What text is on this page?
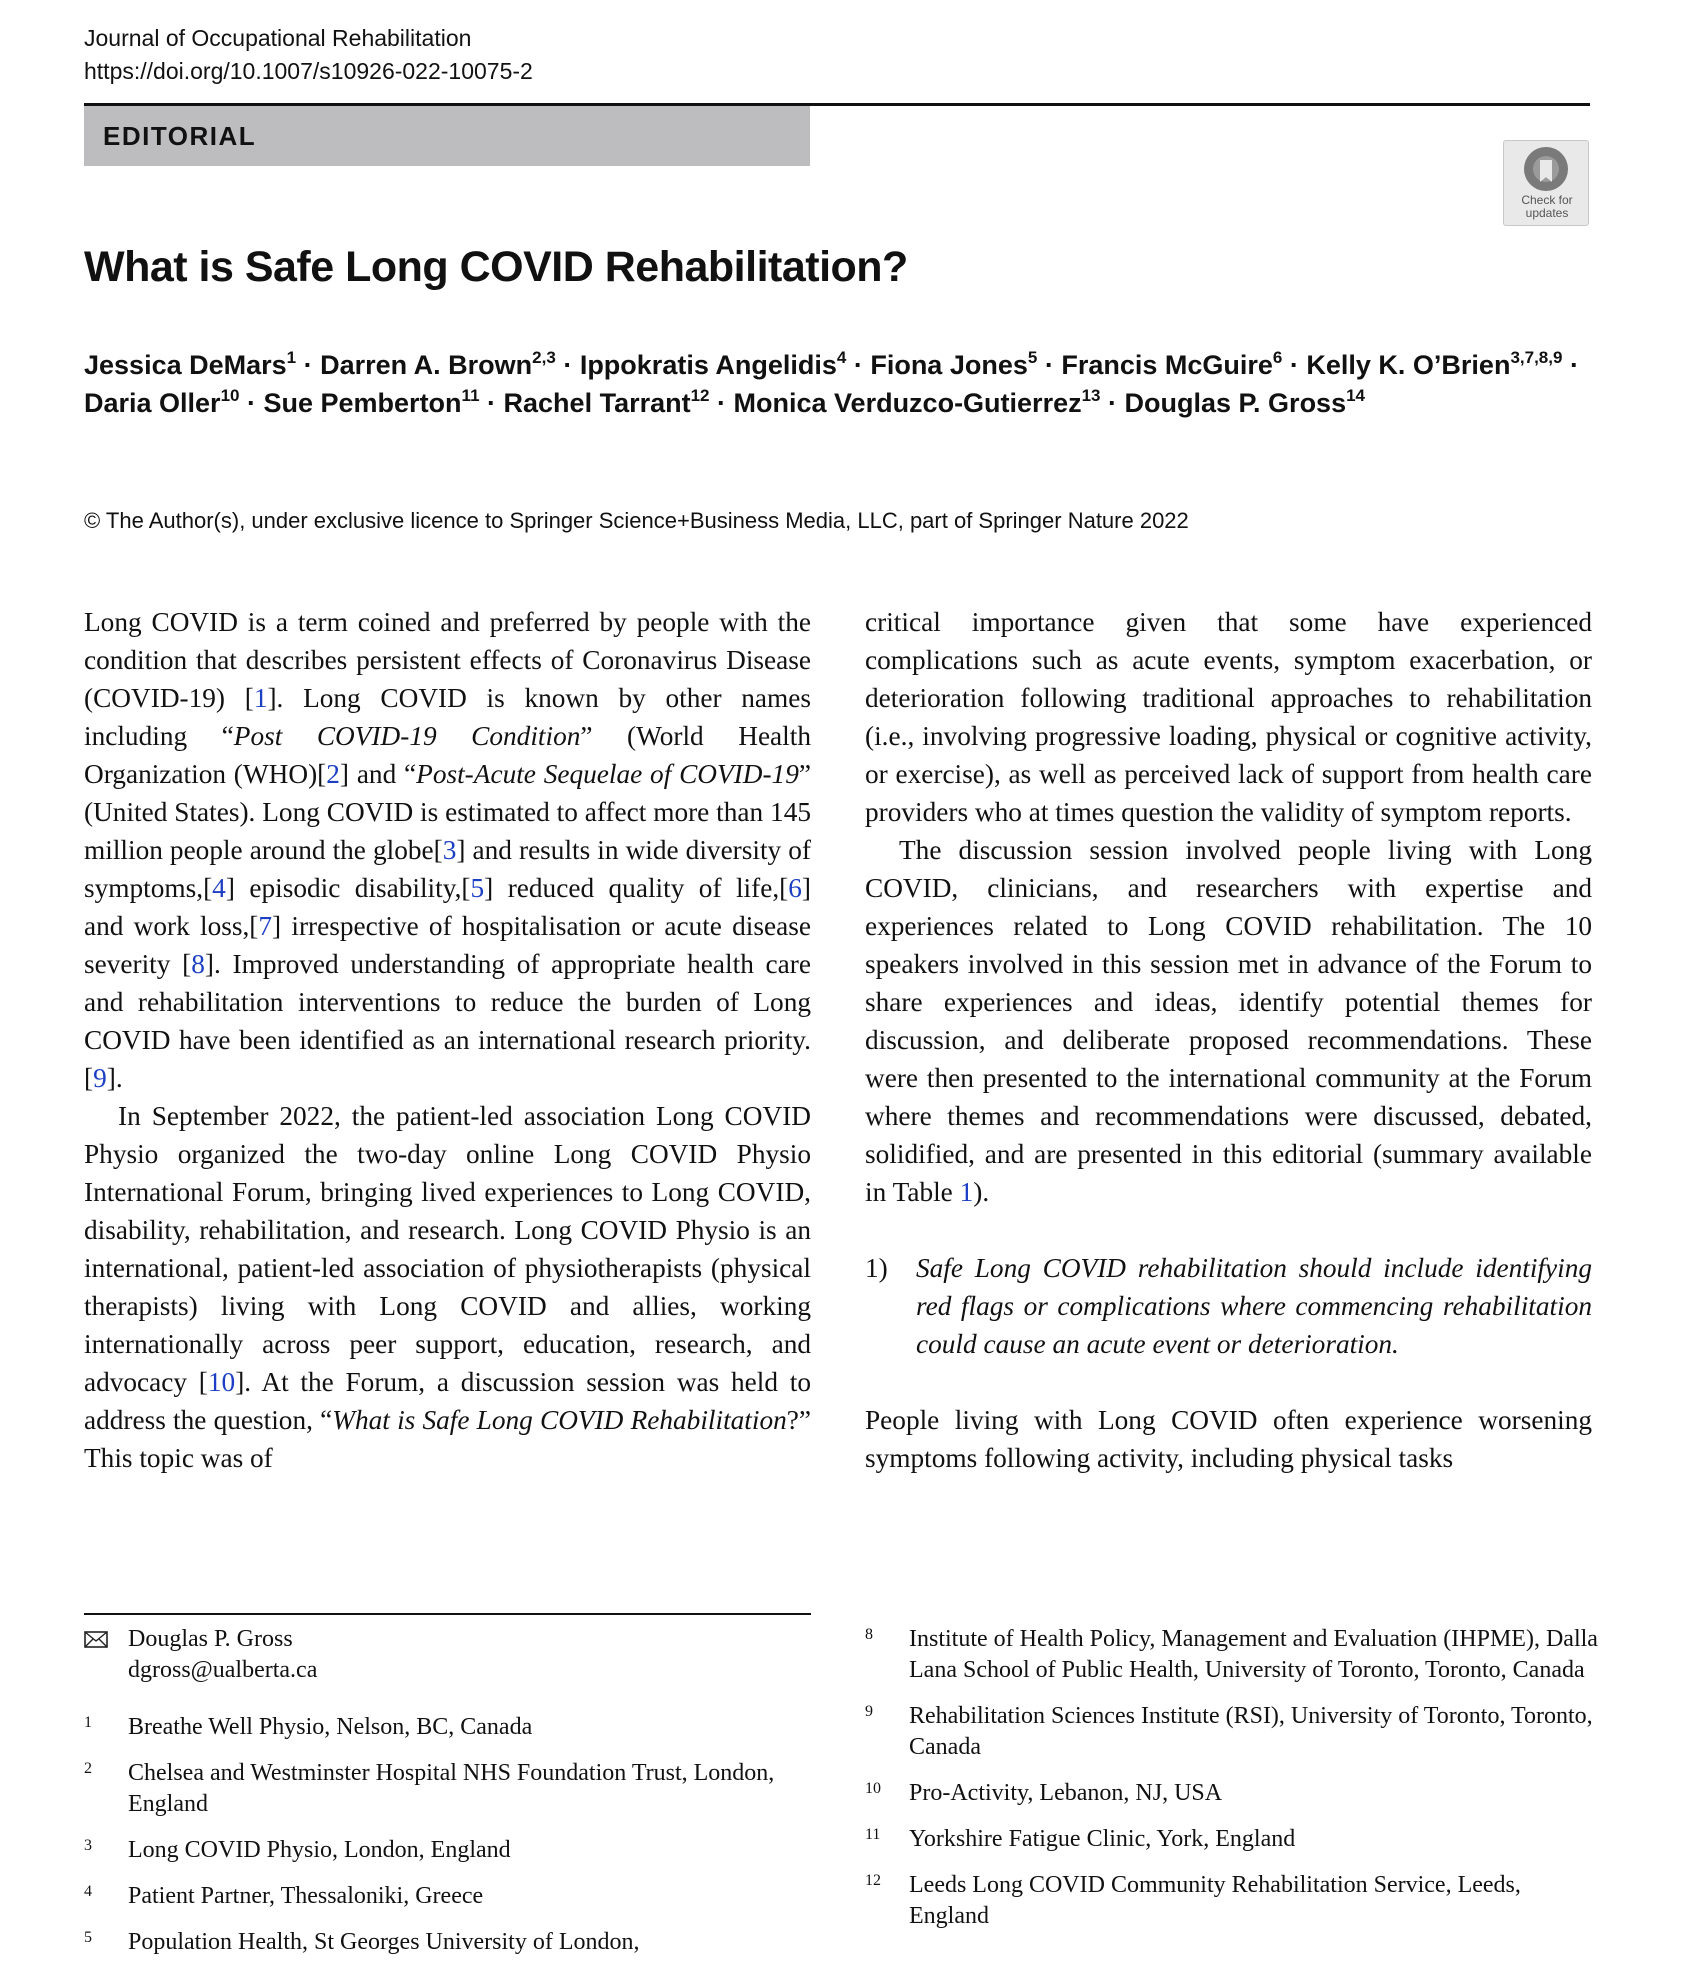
Journal of Occupational Rehabilitation
https://doi.org/10.1007/s10926-022-10075-2
EDITORIAL
Check for
updates
What is Safe Long COVID Rehabilitation?
Jessica DeMars$^1$ · Darren A. Brown$^{2,3}$ · Ippokratis Angelidis$^4$ · Fiona Jones$^5$ · Francis McGuire$^6$ · Kelly K. O’Brien$^{3,7,8,9}$ ·
Daria Oller$^{10}$ · Sue Pemberton$^{11}$ · Rachel Tarrant$^{12}$ · Monica Verduzco-Gutierrez$^{13}$ · Douglas P. Gross$^{14}$
© The Author(s), under exclusive licence to Springer Science+Business Media, LLC, part of Springer Nature 2022

Long COVID is a term coined and preferred by people with the condition that describes persistent effects of Coronavirus Disease (COVID-19) [1]. Long COVID is known by other names including “Post COVID-19 Condition” (World Health Organization (WHO)[2] and “Post-Acute Sequelae of COVID-19” (United States). Long COVID is estimated to affect more than 145 million people around the globe[3] and results in wide diversity of symptoms,[4] episodic disability,[5] reduced quality of life,[6] and work loss,[7] irrespective of hospitalisation or acute disease severity [8]. Improved understanding of appropriate health care and rehabilitation interventions to reduce the burden of Long COVID have been identified as an international research priority.[9].

In September 2022, the patient-led association Long COVID Physio organized the two-day online Long COVID Physio International Forum, bringing lived experiences to Long COVID, disability, rehabilitation, and research. Long COVID Physio is an international, patient-led association of physiotherapists (physical therapists) living with Long COVID and allies, working internationally across peer support, education, research, and advocacy [10]. At the Forum, a discussion session was held to address the question, “What is Safe Long COVID Rehabilitation?” This topic was of

critical importance given that some have experienced complications such as acute events, symptom exacerbation, or deterioration following traditional approaches to rehabilitation (i.e., involving progressive loading, physical or cognitive activity, or exercise), as well as perceived lack of support from health care providers who at times question the validity of symptom reports.

The discussion session involved people living with Long COVID, clinicians, and researchers with expertise and experiences related to Long COVID rehabilitation. The 10 speakers involved in this session met in advance of the Forum to share experiences and ideas, identify potential themes for discussion, and deliberate proposed recommendations. These were then presented to the international community at the Forum where themes and recommendations were discussed, debated, solidified, and are presented in this editorial (summary available in Table 1).

1)	Safe Long COVID rehabilitation should include identifying red flags or complications where commencing rehabilitation could cause an acute event or deterioration.

People living with Long COVID often experience worsening symptoms following activity, including physical tasks

Douglas P. Gross
dgross@ualberta.ca
1	Breathe Well Physio, Nelson, BC, Canada
2	Chelsea and Westminster Hospital NHS Foundation Trust, London, England
3	Long COVID Physio, London, England
4	Patient Partner, Thessaloniki, Greece
5	Population Health, St Georges University of London,
8	Institute of Health Policy, Management and Evaluation (IHPME), Dalla Lana School of Public Health, University of Toronto, Toronto, Canada
9	Rehabilitation Sciences Institute (RSI), University of Toronto, Toronto, Canada
10	Pro-Activity, Lebanon, NJ, USA
11	Yorkshire Fatigue Clinic, York, England
12	Leeds Long COVID Community Rehabilitation Service, Leeds, England
